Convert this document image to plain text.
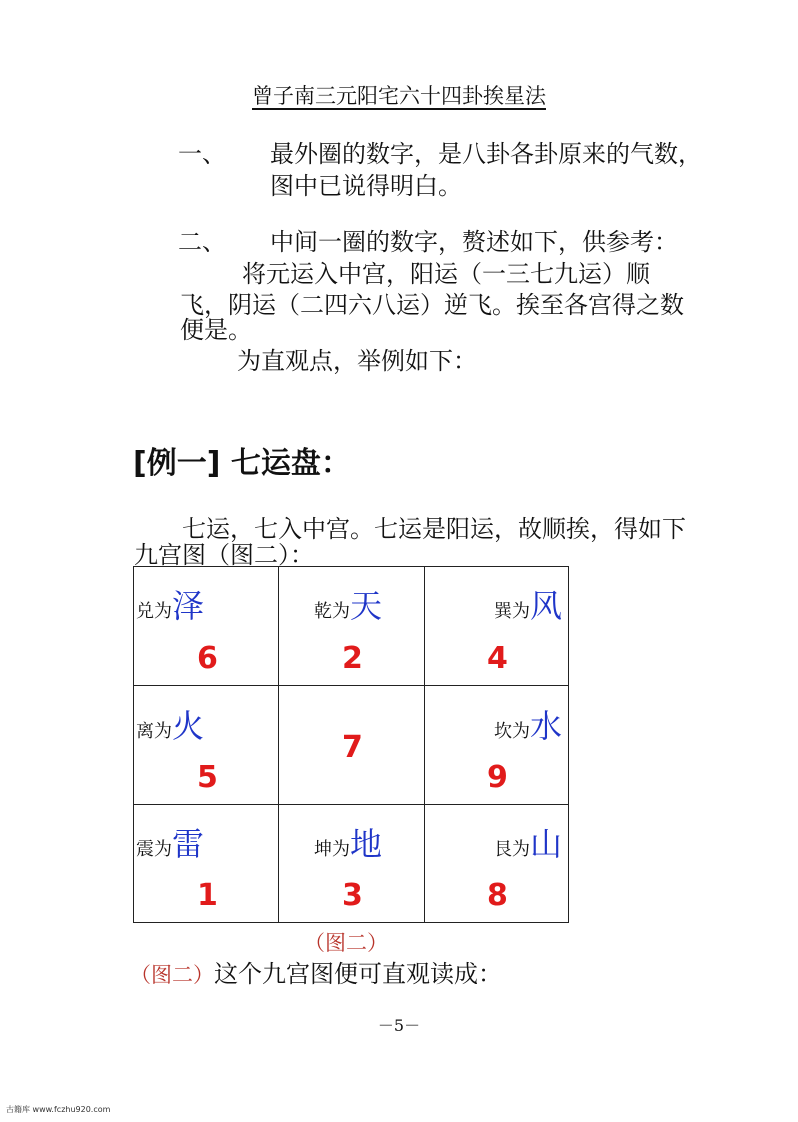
曾子南三元阳宅六十四卦挨星法
一、 最外圈的数字，是八卦各卦原来的气数，
图中已说得明白。
二、 中间一圈的数字，赘述如下，供参考：
将元运入中宫，阳运（一三七九运）顺
飞，阴运（二四六八运）逆飞。挨至各宫得之数
便是。
为直观点，举例如下：
[例一] 七运盘：
七运，七入中宫。七运是阳运，故顺挨，得如下
九宫图（图二）：
兑为泽
6
乾为天
2
巽为风
4
离为火
5
7	坎为水
9
震为雷
1
坤为地
3
艮为山
8
（图二）
（图二）这个九宫图便可直观读成：
－5－
古籍库 www.fczhu920.com
